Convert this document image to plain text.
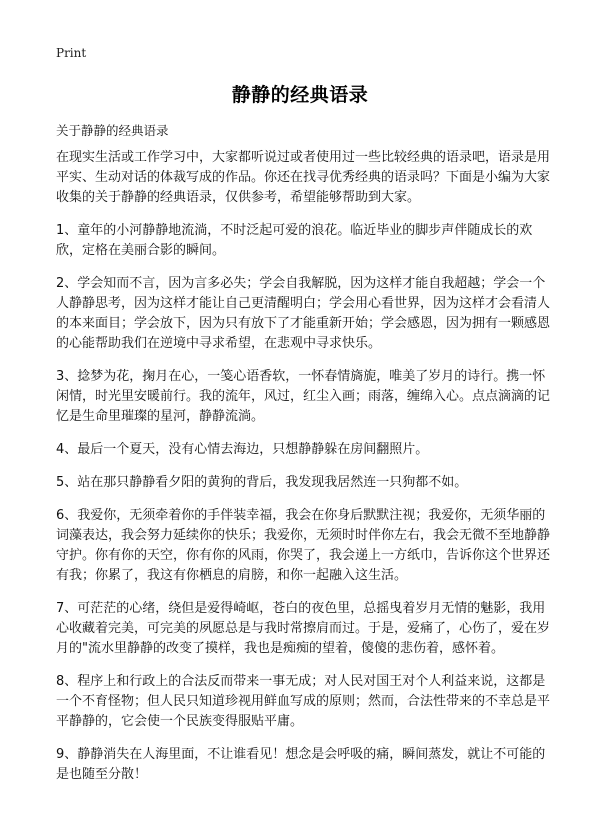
Print
静静的经典语录
关于静静的经典语录

在现实生活或工作学习中，大家都听说过或者使用过一些比较经典的语录吧，语录是用平实、生动对话的体裁写成的作品。你还在找寻优秀经典的语录吗？下面是小编为大家收集的关于静静的经典语录，仅供参考，希望能够帮助到大家。

1、童年的小河静静地流淌，不时泛起可爱的浪花。临近毕业的脚步声伴随成长的欢欣，定格在美丽合影的瞬间。

2、学会知而不言，因为言多必失；学会自我解脱，因为这样才能自我超越；学会一个人静静思考，因为这样才能让自己更清醒明白；学会用心看世界，因为这样才会看清人的本来面目；学会放下，因为只有放下了才能重新开始；学会感恩，因为拥有一颗感恩的心能帮助我们在逆境中寻求希望，在悲观中寻求快乐。

3、捻梦为花，掬月在心，一笺心语香软，一怀春情旖旎，唯美了岁月的诗行。携一怀闲情，时光里安暖前行。我的流年，风过，红尘入画；雨落，缠绵入心。点点滴滴的记忆是生命里璀璨的星河，静静流淌。

4、最后一个夏天，没有心情去海边，只想静静躲在房间翻照片。

5、站在那只静静看夕阳的黄狗的背后，我发现我居然连一只狗都不如。

6、我爱你，无须牵着你的手伴装幸福，我会在你身后默默注视；我爱你，无须华丽的词藻表达，我会努力延续你的快乐；我爱你，无须时时伴你左右，我会无微不至地静静守护。你有你的天空，你有你的风雨，你哭了，我会递上一方纸巾，告诉你这个世界还有我；你累了，我这有你栖息的肩膀，和你一起融入这生活。

7、可茫茫的心绪，绕但是爱得崎岖，苍白的夜色里，总摇曳着岁月无情的魅影，我用心收藏着完美，可完美的夙愿总是与我时常擦肩而过。于是，爱痛了，心伤了，爱在岁月的"流水里静静的改变了摸样，我也是痴痴的望着，傻傻的悲伤着，感怀着。

8、程序上和行政上的合法反而带来一事无成；对人民对国王对个人利益来说，这都是一个不育怪物；但人民只知道珍视用鲜血写成的原则；然而，合法性带来的不幸总是平平静静的，它会使一个民族变得服贴平庸。

9、静静消失在人海里面，不让谁看见！想念是会呼吸的痛，瞬间蒸发，就让不可能的是也随至分散！
